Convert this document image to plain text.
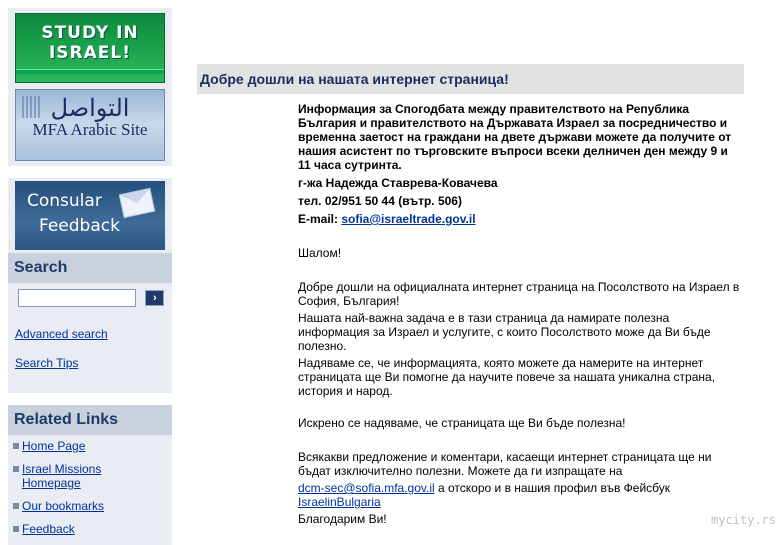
STUDY IN
ISRAEL!
التواصل
MFA Arabic Site
Consular
Feedback
Search
›
Advanced search
Search Tips
Related Links
Home Page
Israel Missions Homepage
Our bookmarks
Feedback
Добре дошли на нашата интернет страница!

Информация за Спогодбата между правителството на Република България и правителството на Държавата Израел за посредничество и временна заетост на граждани на двете държави можете да получите от нашия асистент по търговските въпроси всеки делничен ден между 9 и 11 часа сутринта.

г-жа Надежда Ставрева-Ковачева

тел. 02/951 50 44 (вътр. 506)

E-mail: sofia@israeltrade.gov.il

Шалом!

Добре дошли на официалната интернет страница на Посолството на Израел в София, България!

Нашата най-важна задача е в тази страница да намирате полезна информация за Израел и услугите, с които Посолството може да Ви бъде полезно.

Надяваме се, че информацията, която можете да намерите на интернет страницата ще Ви помогне да научите повече за нашата уникална страна, история и народ.

Искрено се надяваме, че страницата ще Ви бъде полезна!

Всякакви предложение и коментари, касаещи интернет страницата ще ни бъдат изключително полезни. Можете да ги изпращате на

dcm-sec@sofia.mfa.gov.il а отскоро и в нашия профил във Фейсбук IsraelinBulgaria

Благодарим Ви!	mycity.rs
